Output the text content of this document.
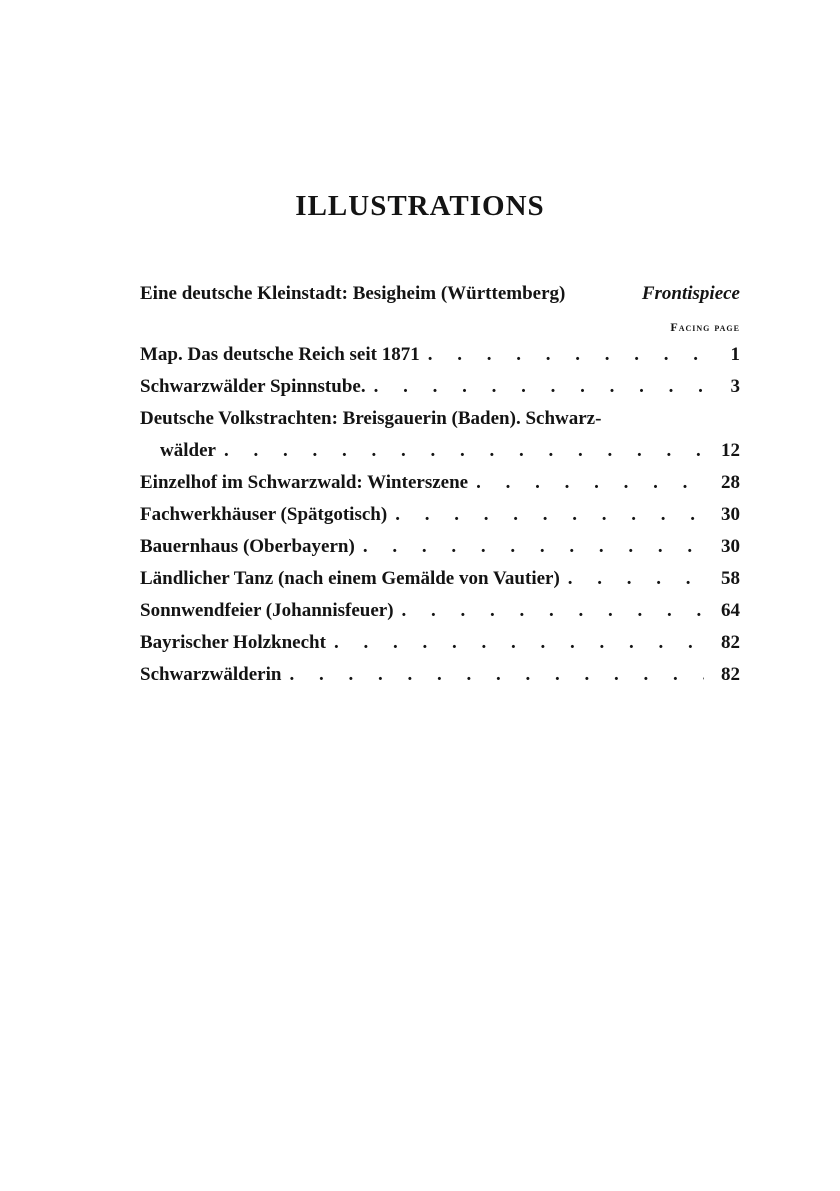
ILLUSTRATIONS
Eine deutsche Kleinstadt: Besigheim (Württemberg)	Frontispiece
Facing page
Map. Das deutsche Reich seit 1871 . . .	1
Schwarzwälder Spinnstube. . . .	3
Deutsche Volkstrachten: Breisgauerin (Baden). Schwarz-
wälder . . .	12
Einzelhof im Schwarzwald: Winterszene . . .	28
Fachwerkhäuser (Spätgotisch) . . .	30
Bauernhaus (Oberbayern) . . .	30
Ländlicher Tanz (nach einem Gemälde von Vautier) . . .	58
Sonnwendfeier (Johannisfeuer) . . .	64
Bayrischer Holzknecht . . .	82
Schwarzwälderin . . .	82
